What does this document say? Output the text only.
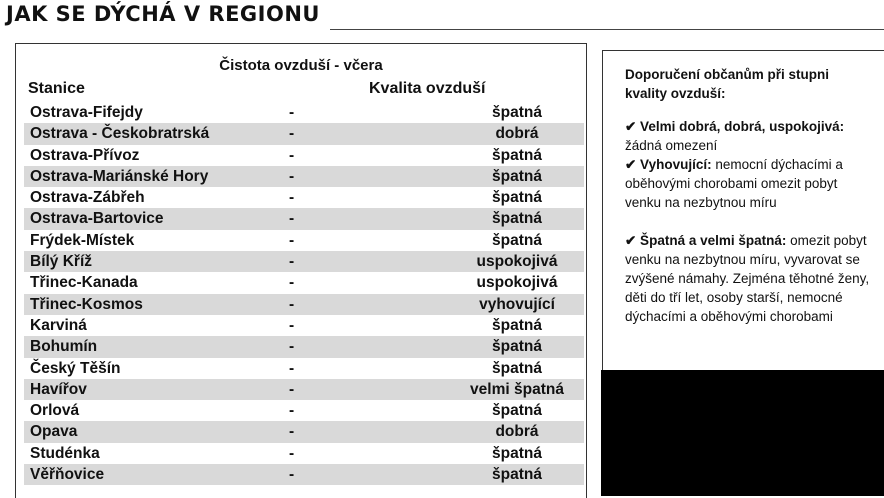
JAK SE DÝCHÁ V REGIONU
Čistota ovzduší - včera
Stanice	Kvalita ovzduší
Ostrava-Fifejdy	-	špatná
Ostrava - Českobratrská	-	dobrá
Ostrava-Přívoz	-	špatná
Ostrava-Mariánské Hory	-	špatná
Ostrava-Zábřeh	-	špatná
Ostrava-Bartovice	-	špatná
Frýdek-Místek	-	špatná
Bílý Kříž	-	uspokojivá
Třinec-Kanada	-	uspokojivá
Třinec-Kosmos	-	vyhovující
Karviná	-	špatná
Bohumín	-	špatná
Český Těšín	-	špatná
Havířov	-	velmi špatná
Orlová	-	špatná
Opava	-	dobrá
Studénka	-	špatná
Věřňovice	-	špatná
Doporučení občanům při stupni kvality ovzduší:

✔ Velmi dobrá, dobrá, uspokojivá: žádná omezení

✔ Vyhovující: nemocní dýchacími a oběhovými chorobami omezit pobyt venku na nezbytnou míru

✔ Špatná a velmi špatná: omezit pobyt venku na nezbytnou míru, vyvarovat se zvýšené námahy. Zejména těhotné ženy, děti do tří let, osoby starší, nemocné dýchacími a oběhovými chorobami
